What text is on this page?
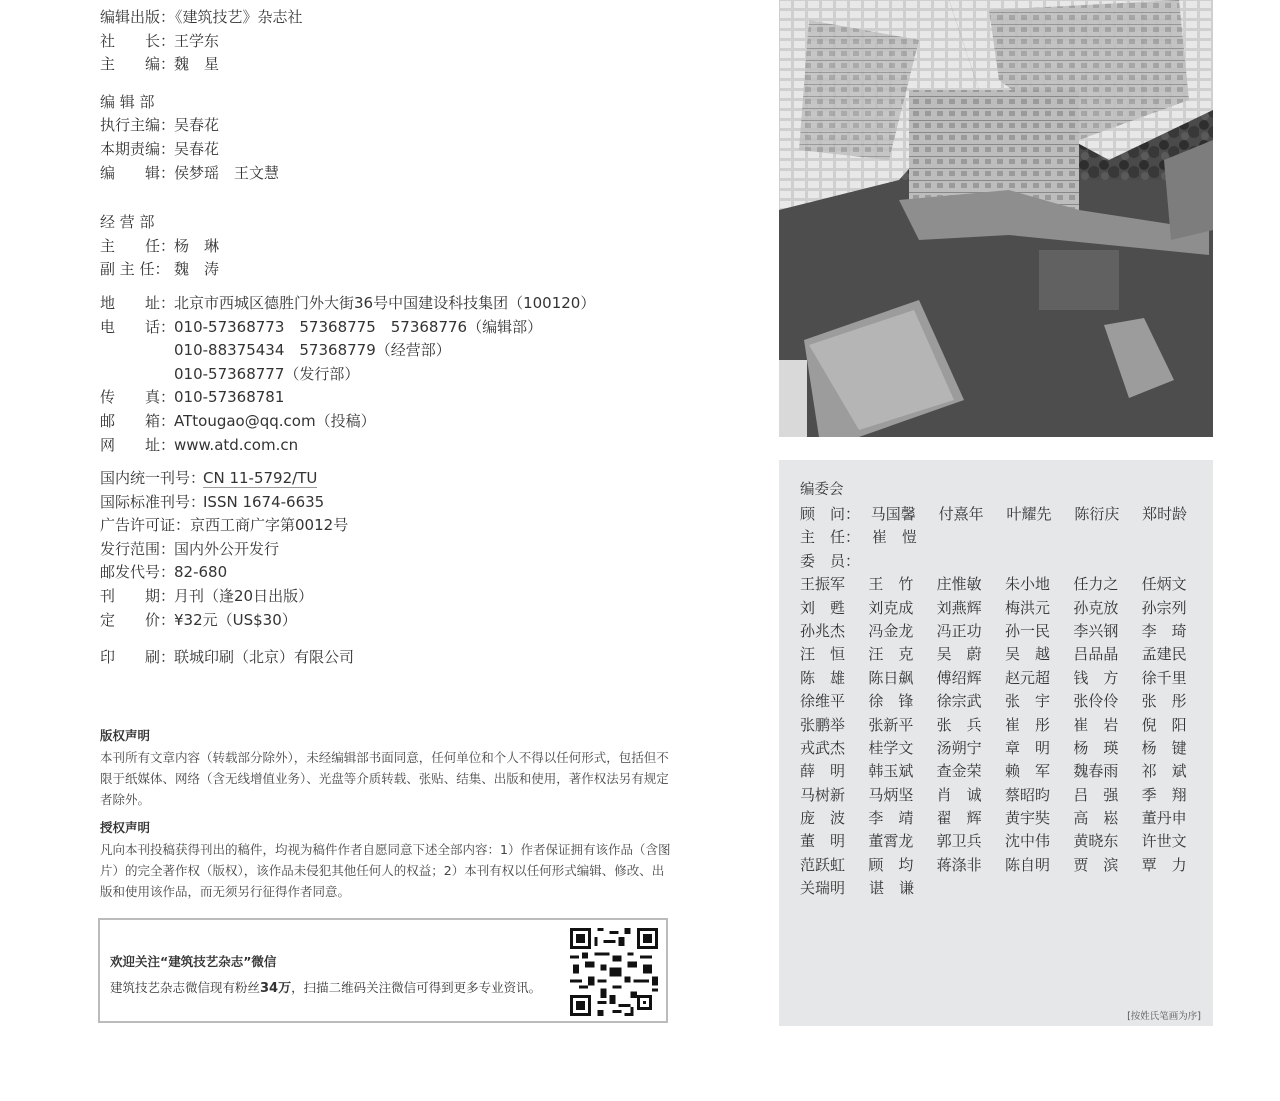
编辑出版：《建筑技艺》杂志社
社　　长：王学东
主　　编：魏　星
编 辑 部
执行主编：吴春花
本期责编：吴春花
编　　辑：侯梦瑶　王文慧
经 营 部
主　　任：杨　琳
副 主 任： 魏　涛
地　　址：北京市西城区德胜门外大街36号中国建设科技集团（100120）
电　　话：010-57368773　57368775　57368776（编辑部）
010-88375434　57368779（经营部）
010-57368777（发行部）
传　　真：010-57368781
邮　　箱：ATtougao@qq.com（投稿）
网　　址：www.atd.com.cn
国内统一刊号：CN 11-5792/TU
国际标准刊号：ISSN 1674-6635
广告许可证：京西工商广字第0012号
发行范围：国内外公开发行
邮发代号：82-680
刊　　期：月刊（逢20日出版）
定　　价：¥32元（US$30）
印　　刷：联城印刷（北京）有限公司
版权声明

本刊所有文章内容（转载部分除外），未经编辑部书面同意，任何单位和个人不得以任何形式，包括但不限于纸媒体、网络（含无线增值业务）、光盘等介质转载、张贴、结集、出版和使用，著作权法另有规定者除外。

授权声明

凡向本刊投稿获得刊出的稿件，均视为稿件作者自愿同意下述全部内容：1）作者保证拥有该作品（含图片）的完全著作权（版权），该作品未侵犯其他任何人的权益；2）本刊有权以任何形式编辑、修改、出版和使用该作品，而无须另行征得作者同意。

欢迎关注“建筑技艺杂志”微信
建筑技艺杂志微信现有粉丝34万，扫描二维码关注微信可得到更多专业资讯。
编委会
顾　问： 马国馨	付熹年	叶耀先	陈衍庆	郑时龄
主　任： 崔　愷
委　员：
王振军	王　竹	庄惟敏	朱小地	任力之	任炳文
刘　甦	刘克成	刘燕辉	梅洪元	孙克放	孙宗列
孙兆杰	冯金龙	冯正功	孙一民	李兴钢	李　琦
汪　恒	汪　克	吴　蔚	吴　越	吕品晶	孟建民
陈　雄	陈日飙	傅绍辉	赵元超	钱　方	徐千里
徐维平	徐　锋	徐宗武	张　宇	张伶伶	张　彤
张鹏举	张新平	张　兵	崔　彤	崔　岩	倪　阳
戎武杰	桂学文	汤朔宁	章　明	杨　瑛	杨　键
薛　明	韩玉斌	查金荣	赖　军	魏春雨	祁　斌
马树新	马炳坚	肖　诚	蔡昭昀	吕　强	季　翔
庞　波	李　靖	翟　辉	黄宇奘	高　崧	董丹申
董　明	董霄龙	郭卫兵	沈中伟	黄晓东	许世文
范跃虹	顾　均	蒋涤非	陈自明	贾　滨	覃　力
关瑞明	谌　谦
[按姓氏笔画为序]
